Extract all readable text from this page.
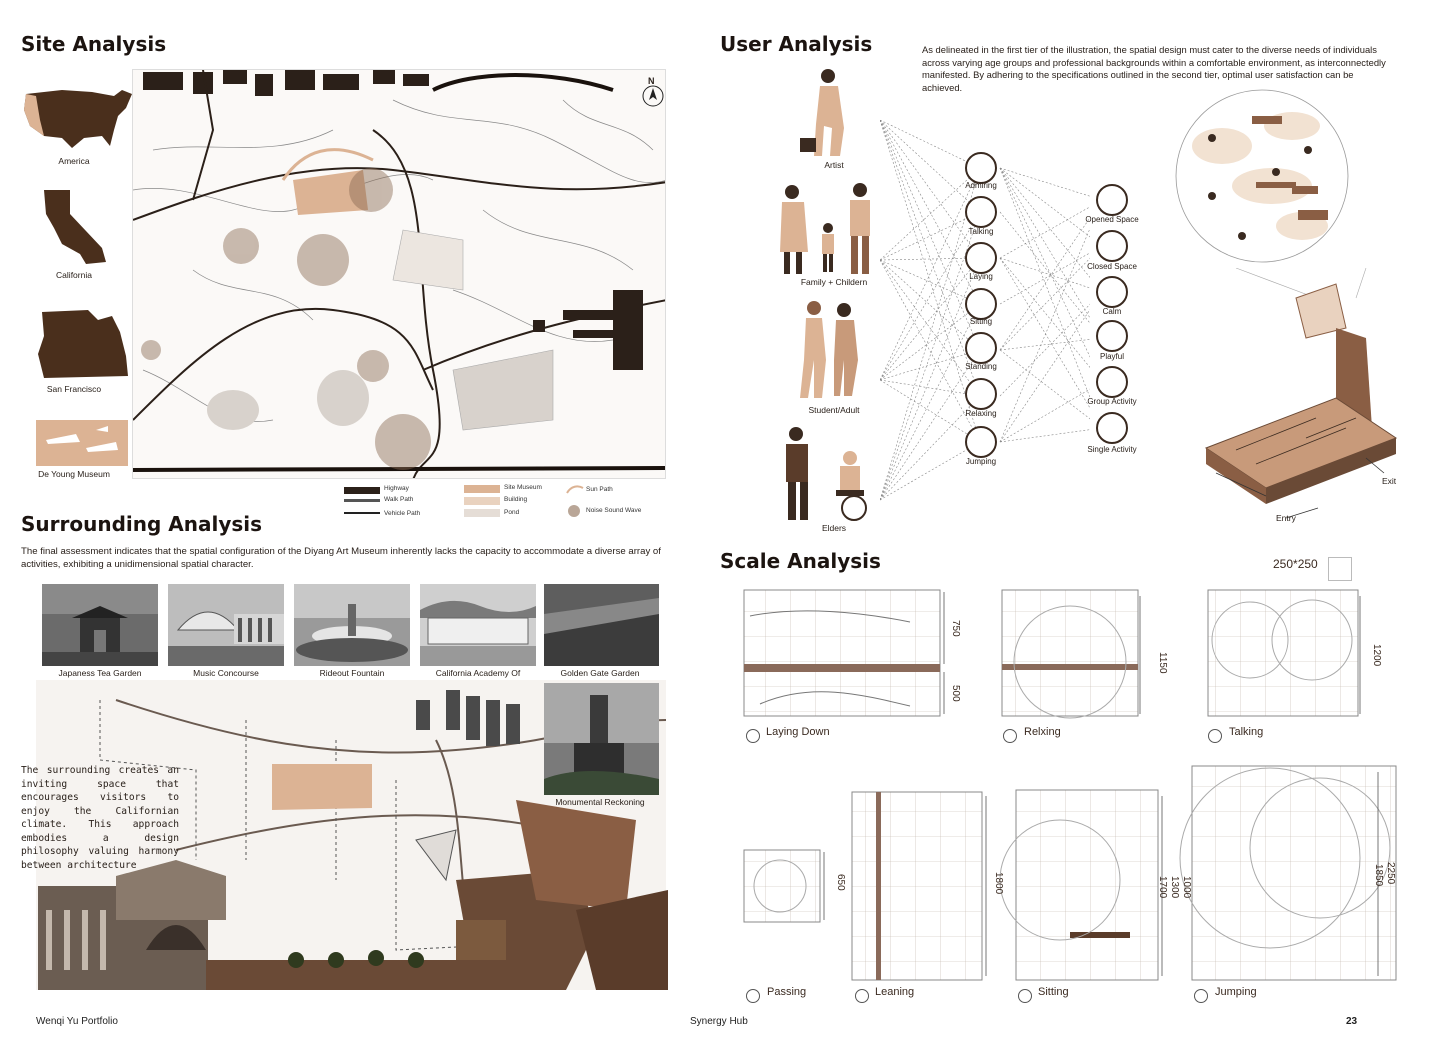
Site Analysis
America
California
San Francisco
De Young Museum
N
Highway
Walk Path
Vehicle Path
Site Museum
Building
Pond
Sun Path
Noise Sound Wave
Surrounding Analysis
The final assessment indicates that the spatial configuration of the Diyang Art Museum inherently lacks the capacity to accommodate a diverse array of activities, exhibiting a unidimensional spatial character.
Japaness Tea Garden	Music Concourse	Rideout Fountain	California Academy Of	Golden Gate Garden
Monumental Reckoning
The surrounding creates an inviting space that encourages visitors to enjoy the Californian climate. This approach embodies a design philosophy valuing harmony between architecture
User Analysis	As delineated in the first tier of the illustration, the spatial design must cater to the diverse needs of individuals across varying age groups and professional backgrounds within a comfortable environment, as interconnectedly manifested. By adhering to the specifications outlined in the second tier, optimal user satisfaction can be achieved.
Artist
Family + Childern
Student/Adult
Elders
Admiring
Talking
Laying
Sitting
Standing
Relaxing
Jumping
Opened Space
Closed Space
Calm
Playful
Group Activity
Single Activity
Exit
Entry
Scale Analysis	250*250
750
500
1150	1200
650	1800	1000
1300
1700
2250
1850
Laying Down	Relxing	Talking
Passing	Leaning	Sitting	Jumping
Wenqi Yu Portfolio	Synergy Hub	23
